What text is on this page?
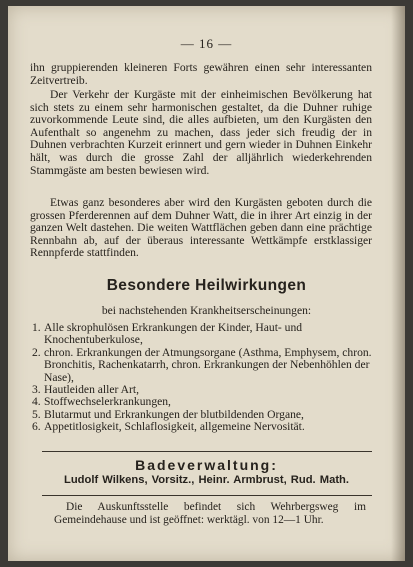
— 16 —
ihn gruppierenden kleineren Forts gewähren einen sehr interessanten Zeitvertreib.
Der Verkehr der Kurgäste mit der einheimischen Bevölkerung hat sich stets zu einem sehr harmonischen gestaltet, da die Duhner ruhige zuvorkommende Leute sind, die alles aufbieten, um den Kurgästen den Aufenthalt so angenehm zu machen, dass jeder sich freudig der in Duhnen verbrachten Kurzeit erinnert und gern wieder in Duhnen Einkehr hält, was durch die grosse Zahl der alljährlich wiederkehrenden Stammgäste am besten bewiesen wird.
Etwas ganz besonderes aber wird den Kurgästen geboten durch die grossen Pferderennen auf dem Duhner Watt, die in ihrer Art einzig in der ganzen Welt dastehen. Die weiten Wattflächen geben dann eine prächtige Rennbahn ab, auf der überaus interessante Wettkämpfe erstklassiger Rennpferde stattfinden.
Besondere Heilwirkungen
bei nachstehenden Krankheitserscheinungen:
1. Alle skrophulösen Erkrankungen der Kinder, Haut- und Knochentuberkulose,
2. chron. Erkrankungen der Atmungsorgane (Asthma, Emphysem, chron. Bronchitis, Rachenkatarrh, chron. Erkrankungen der Nebenhöhlen der Nase),
3. Hautleiden aller Art,
4. Stoffwechselerkrankungen,
5. Blutarmut und Erkrankungen der blutbildenden Organe,
6. Appetitlosigkeit, Schlaflosigkeit, allgemeine Nervosität.
Badeverwaltung:
Ludolf Wilkens, Vorsitz., Heinr. Armbrust, Rud. Math.
Die Auskunftsstelle befindet sich Wehrbergsweg im Gemeindehause und ist geöffnet: werktägl. von 12—1 Uhr.
